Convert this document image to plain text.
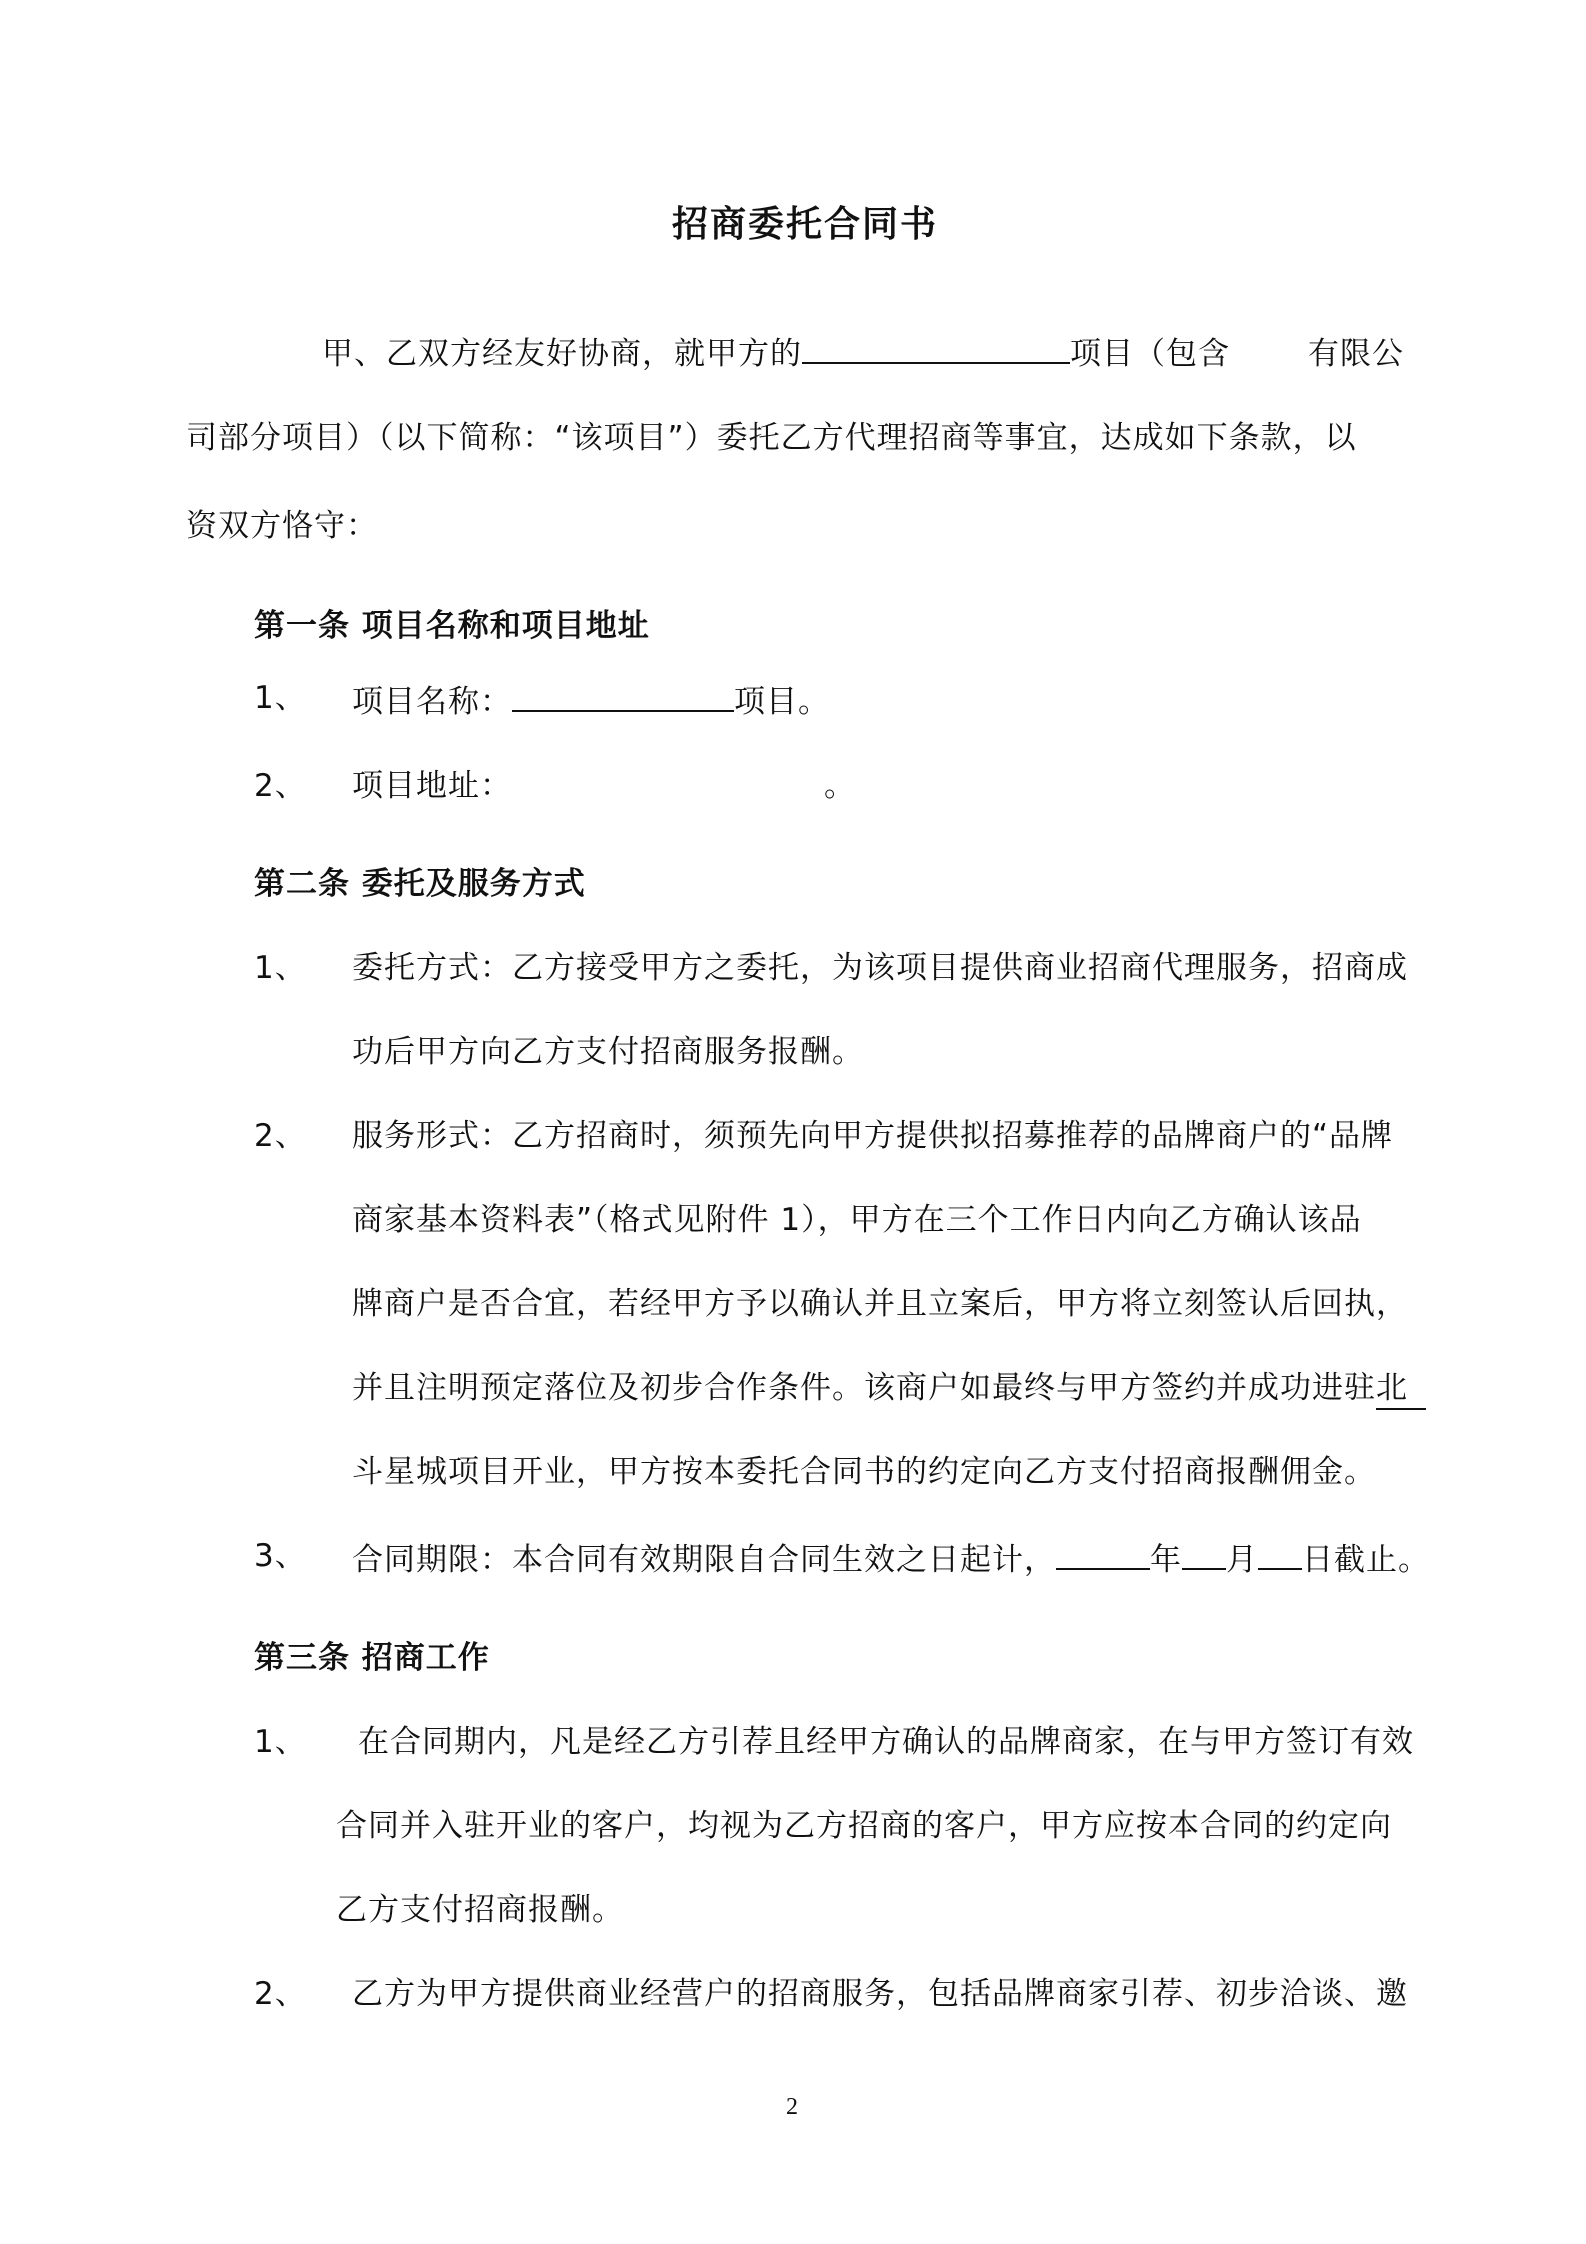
招商委托合同书
甲、乙双方经友好协商，就甲方的	项目（包含	有限公
司部分项目）（以下简称：“该项目”）委托乙方代理招商等事宜，达成如下条款，以
资双方恪守：
第一条 项目名称和项目地址
1、 项目名称：	项目。
2、 项目地址：	。
第二条 委托及服务方式
1、 委托方式：乙方接受甲方之委托，为该项目提供商业招商代理服务，招商成
功后甲方向乙方支付招商服务报酬。
2、 服务形式：乙方招商时，须预先向甲方提供拟招募推荐的品牌商户的“品牌
商家基本资料表”（格式见附件 1），甲方在三个工作日内向乙方确认该品
牌商户是否合宜，若经甲方予以确认并且立案后，甲方将立刻签认后回执，
并且注明预定落位及初步合作条件。该商户如最终与甲方签约并成功进驻北
斗星城项目开业，甲方按本委托合同书的约定向乙方支付招商报酬佣金。
3、 合同期限：本合同有效期限自合同生效之日起计，	年 月 日截止。
第三条 招商工作
1、 在合同期内，凡是经乙方引荐且经甲方确认的品牌商家，在与甲方签订有效
合同并入驻开业的客户，均视为乙方招商的客户，甲方应按本合同的约定向
乙方支付招商报酬。
2、 乙方为甲方提供商业经营户的招商服务，包括品牌商家引荐、初步洽谈、邀
2
